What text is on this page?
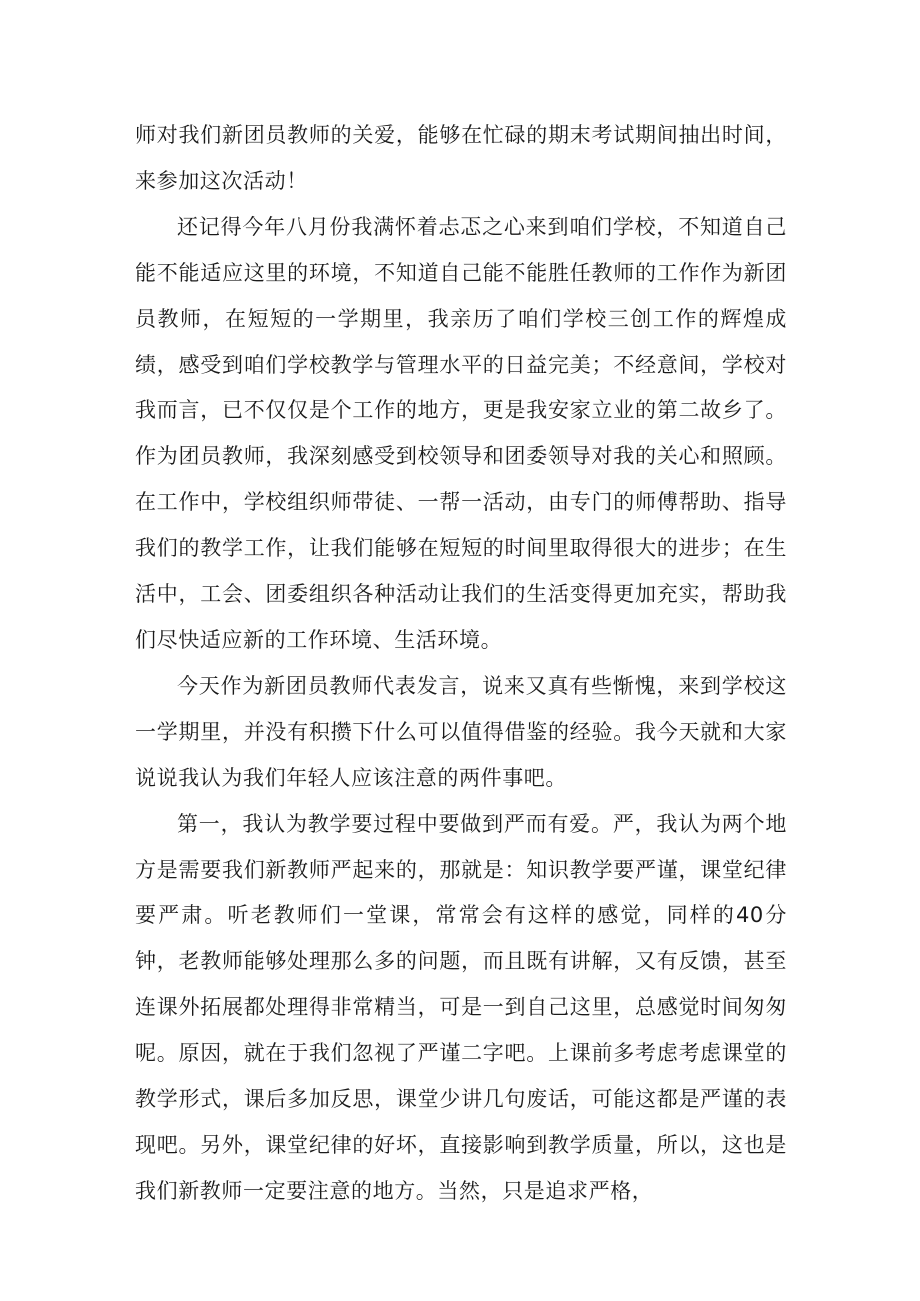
师对我们新团员教师的关爱，能够在忙碌的期末考试期间抽出时间，来参加这次活动！

还记得今年八月份我满怀着忐忑之心来到咱们学校，不知道自己能不能适应这里的环境，不知道自己能不能胜任教师的工作作为新团员教师，在短短的一学期里，我亲历了咱们学校三创工作的辉煌成绩，感受到咱们学校教学与管理水平的日益完美；不经意间，学校对我而言，已不仅仅是个工作的地方，更是我安家立业的第二故乡了。作为团员教师，我深刻感受到校领导和团委领导对我的关心和照顾。在工作中，学校组织师带徒、一帮一活动，由专门的师傅帮助、指导我们的教学工作，让我们能够在短短的时间里取得很大的进步；在生活中，工会、团委组织各种活动让我们的生活变得更加充实，帮助我们尽快适应新的工作环境、生活环境。

今天作为新团员教师代表发言，说来又真有些惭愧，来到学校这一学期里，并没有积攒下什么可以值得借鉴的经验。我今天就和大家说说我认为我们年轻人应该注意的两件事吧。

第一，我认为教学要过程中要做到严而有爱。严，我认为两个地方是需要我们新教师严起来的，那就是：知识教学要严谨，课堂纪律要严肃。听老教师们一堂课，常常会有这样的感觉，同样的40分钟，老教师能够处理那么多的问题，而且既有讲解，又有反馈，甚至连课外拓展都处理得非常精当，可是一到自己这里，总感觉时间匆匆呢。原因，就在于我们忽视了严谨二字吧。上课前多考虑考虑课堂的教学形式，课后多加反思，课堂少讲几句废话，可能这都是严谨的表现吧。另外，课堂纪律的好坏，直接影响到教学质量，所以，这也是我们新教师一定要注意的地方。当然，只是追求严格，
